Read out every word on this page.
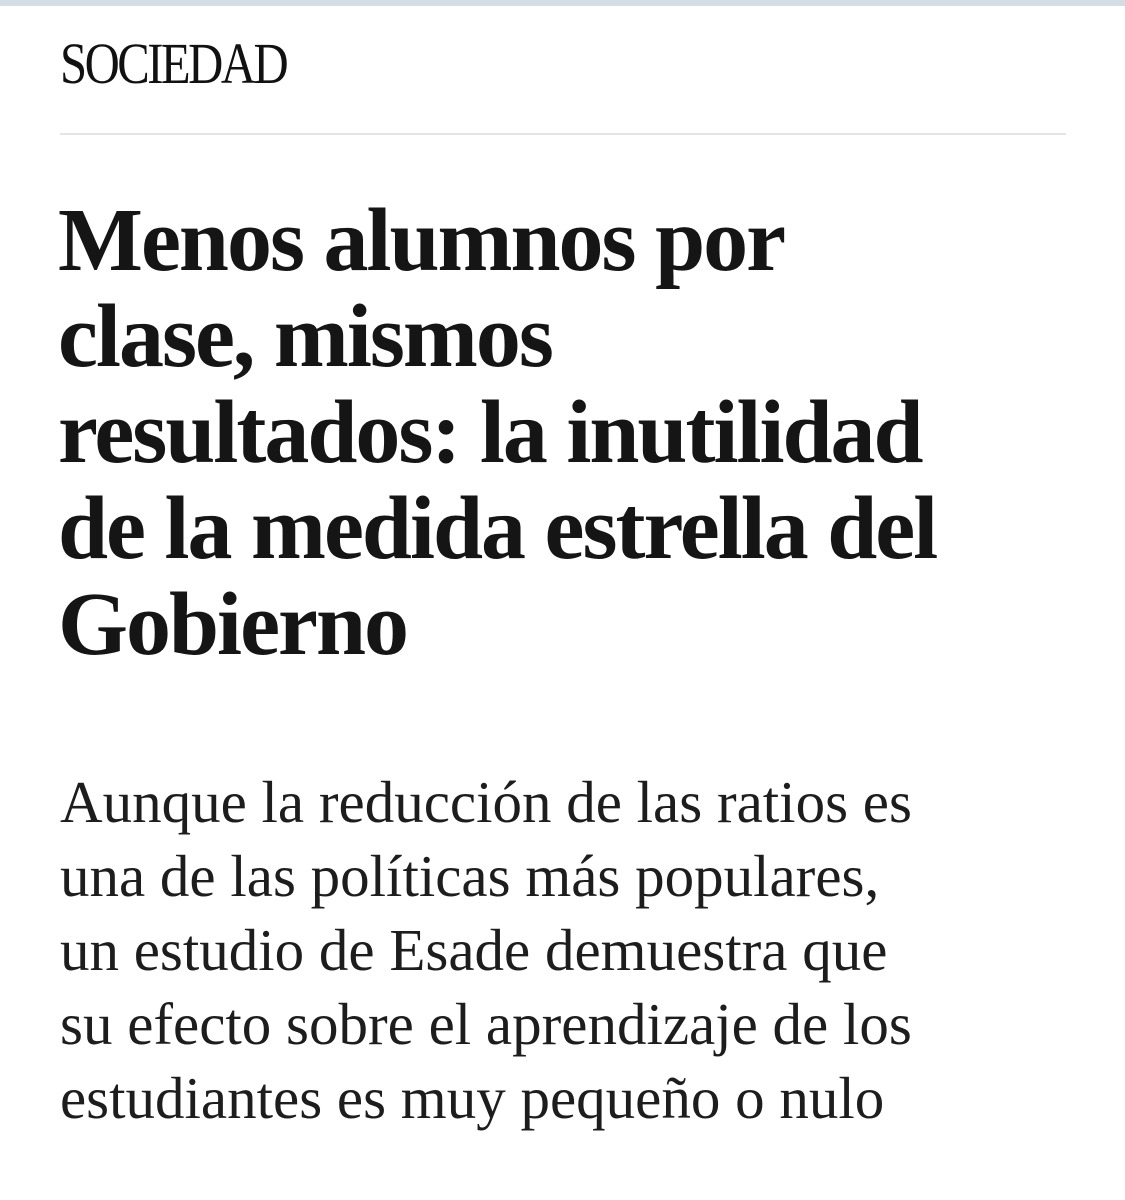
SOCIEDAD
Menos alumnos por
clase, mismos
resultados: la inutilidad
de la medida estrella del
Gobierno

Aunque la reducción de las ratios es
una de las políticas más populares,
un estudio de Esade demuestra que
su efecto sobre el aprendizaje de los
estudiantes es muy pequeño o nulo
